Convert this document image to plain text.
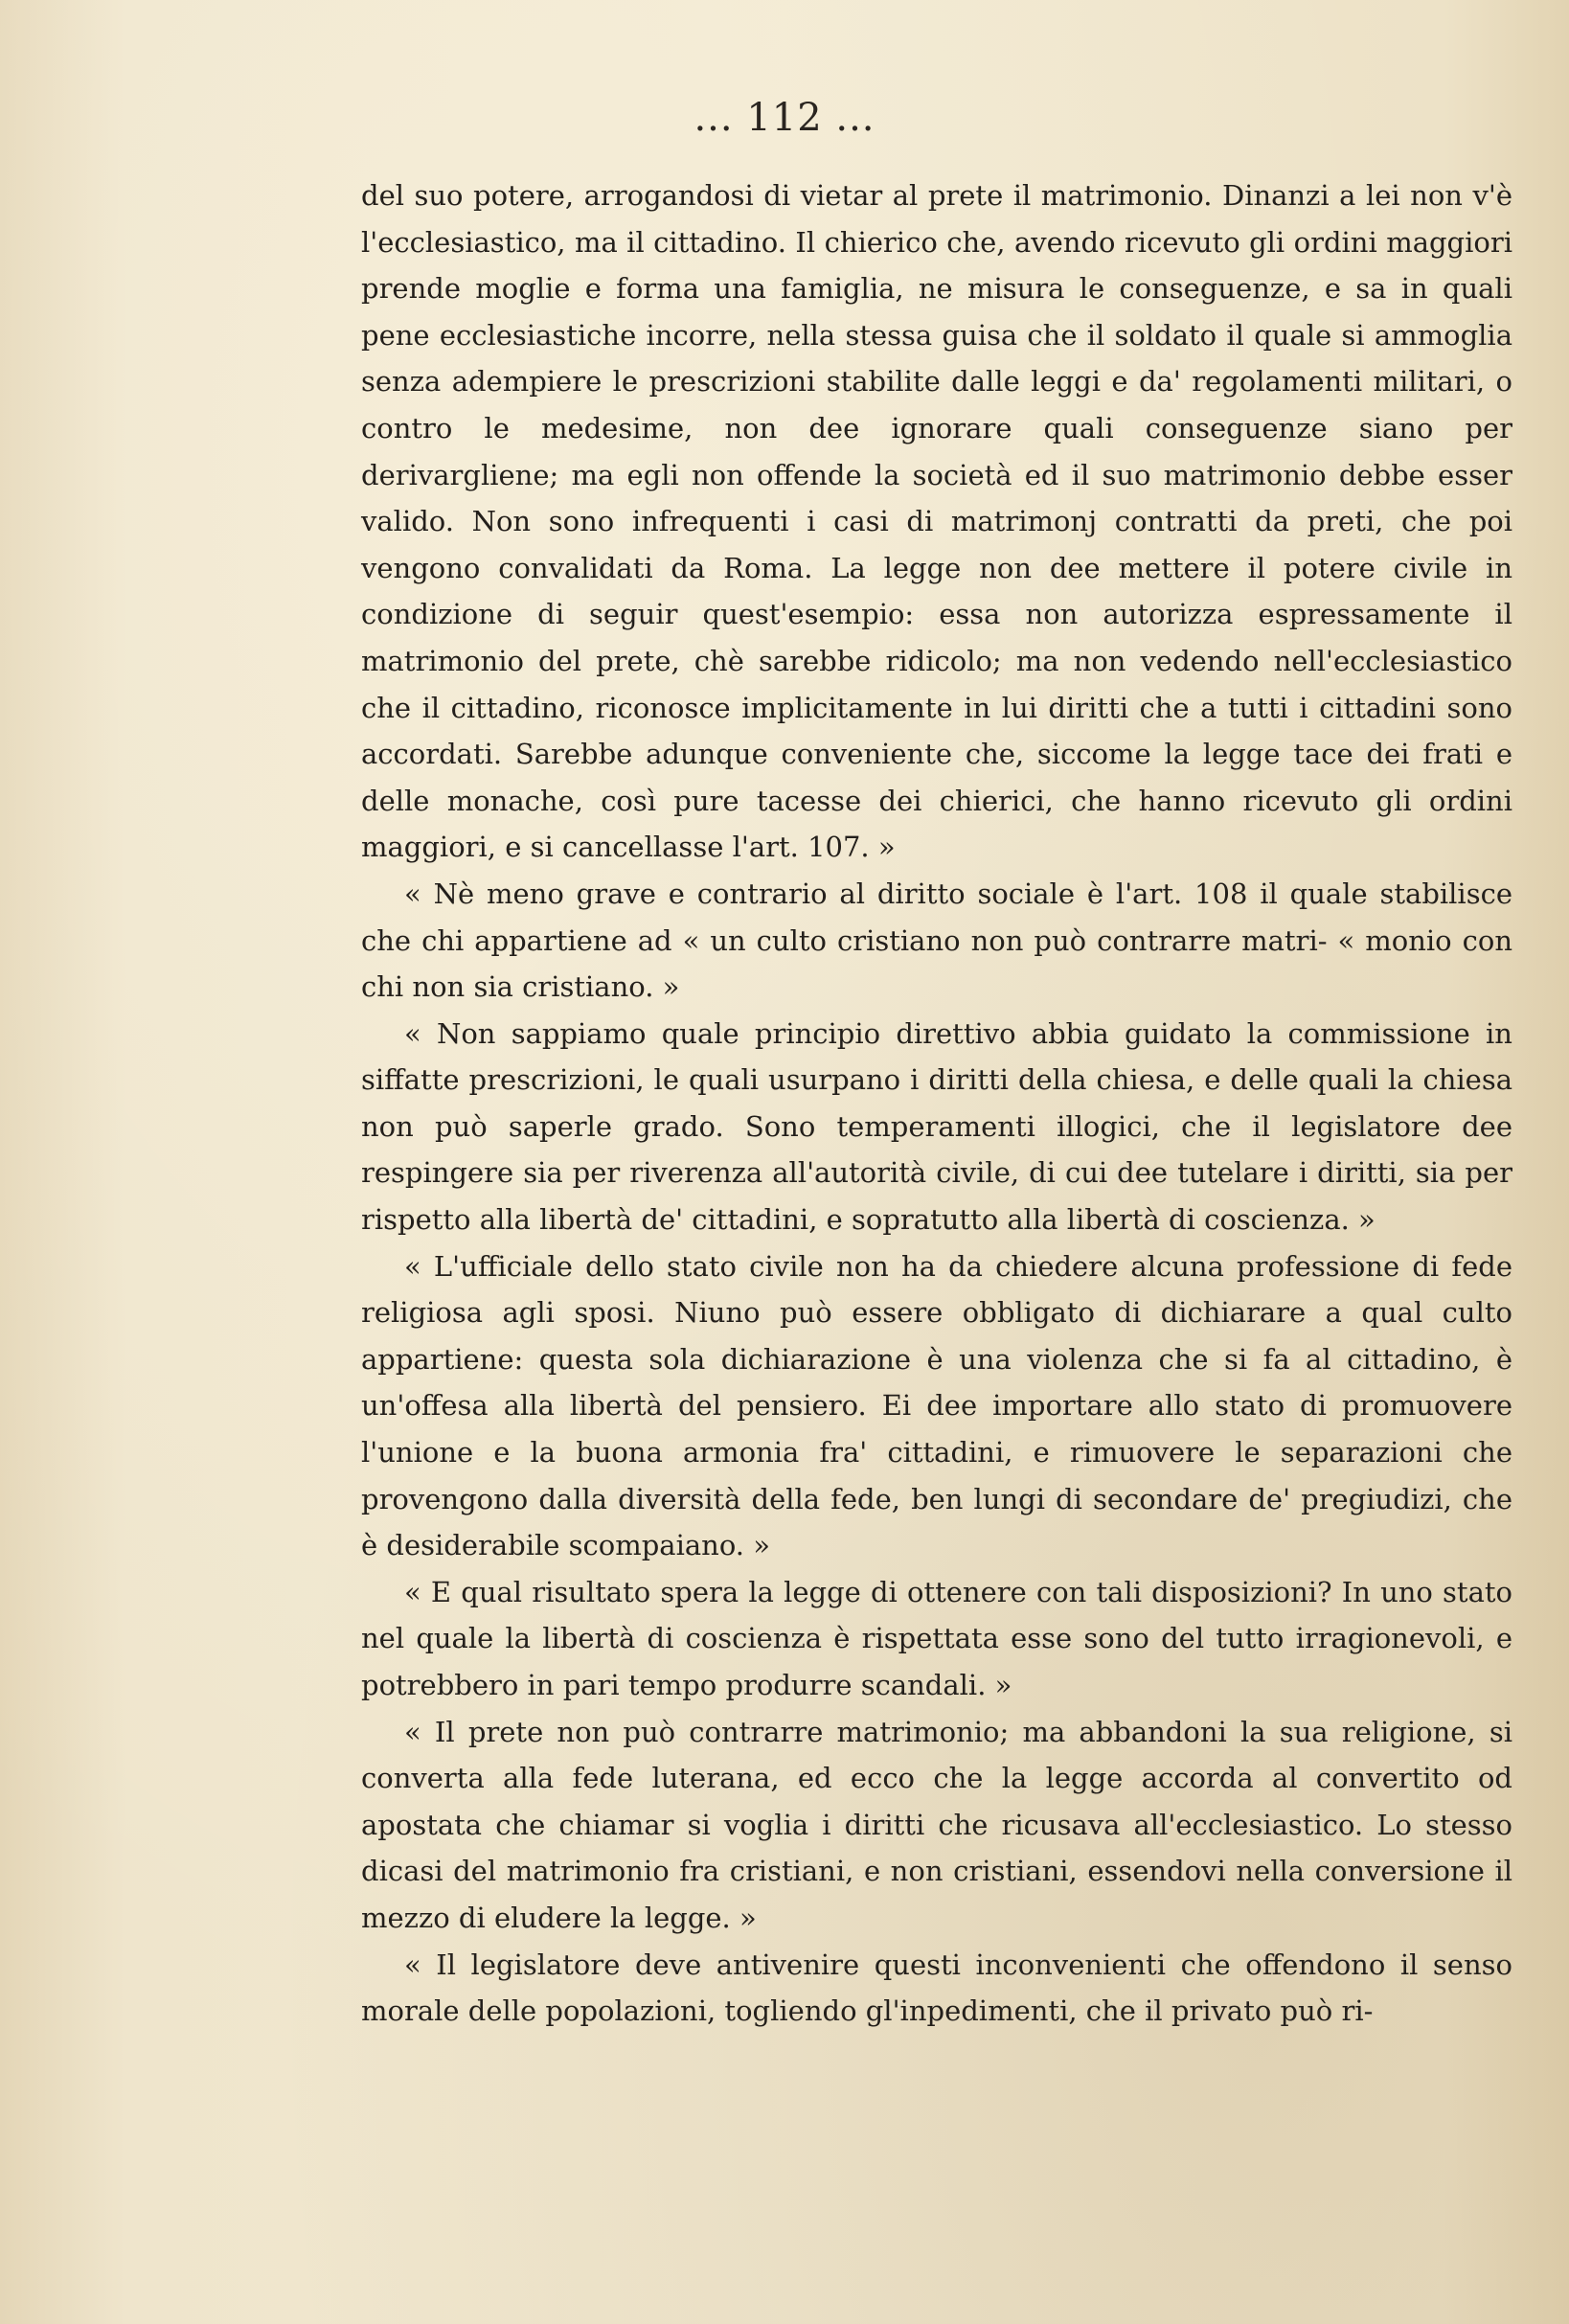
... 112 ...

del suo potere, arrogandosi di vietar al prete il matrimonio. Dinanzi a lei non v'è l'ecclesiastico, ma il cittadino. Il chierico che, avendo ricevuto gli ordini maggiori prende moglie e forma una famiglia, ne misura le conseguenze, e sa in quali pene ecclesiastiche incorre, nella stessa guisa che il soldato il quale si ammoglia senza adempiere le prescrizioni stabilite dalle leggi e da' regolamenti militari, o contro le medesime, non dee ignorare quali conseguenze siano per derivargliene; ma egli non offende la società ed il suo matrimonio debbe esser valido. Non sono infrequenti i casi di matrimonj contratti da preti, che poi vengono convalidati da Roma. La legge non dee mettere il potere civile in condizione di seguir quest'esempio: essa non autorizza espressamente il matrimonio del prete, chè sarebbe ridicolo; ma non vedendo nell'ecclesiastico che il cittadino, riconosce implicitamente in lui diritti che a tutti i cittadini sono accordati. Sarebbe adunque conveniente che, siccome la legge tace dei frati e delle monache, così pure tacesse dei chierici, che hanno ricevuto gli ordini maggiori, e si cancellasse l'art. 107. »

« Nè meno grave e contrario al diritto sociale è l'art. 108 il quale stabilisce che chi appartiene ad « un culto cristiano non può contrarre matri- « monio con chi non sia cristiano. »

« Non sappiamo quale principio direttivo abbia guidato la commissione in siffatte prescrizioni, le quali usurpano i diritti della chiesa, e delle quali la chiesa non può saperle grado. Sono temperamenti illogici, che il legislatore dee respingere sia per riverenza all'autorità civile, di cui dee tutelare i diritti, sia per rispetto alla libertà de' cittadini, e sopratutto alla libertà di coscienza. »

« L'ufficiale dello stato civile non ha da chiedere alcuna professione di fede religiosa agli sposi. Niuno può essere obbligato di dichiarare a qual culto appartiene: questa sola dichiarazione è una violenza che si fa al cittadino, è un'offesa alla libertà del pensiero. Ei dee importare allo stato di promuovere l'unione e la buona armonia fra' cittadini, e rimuovere le separazioni che provengono dalla diversità della fede, ben lungi di secondare de' pregiudizi, che è desiderabile scompaiano. »

« E qual risultato spera la legge di ottenere con tali disposizioni? In uno stato nel quale la libertà di coscienza è rispettata esse sono del tutto irragionevoli, e potrebbero in pari tempo produrre scandali. »

« Il prete non può contrarre matrimonio; ma abbandoni la sua religione, si converta alla fede luterana, ed ecco che la legge accorda al convertito od apostata che chiamar si voglia i diritti che ricusava all'ecclesiastico. Lo stesso dicasi del matrimonio fra cristiani, e non cristiani, essendovi nella conversione il mezzo di eludere la legge. »

« Il legislatore deve antivenire questi inconvenienti che offendono il senso morale delle popolazioni, togliendo gl'inpedimenti, che il privato può ri-
